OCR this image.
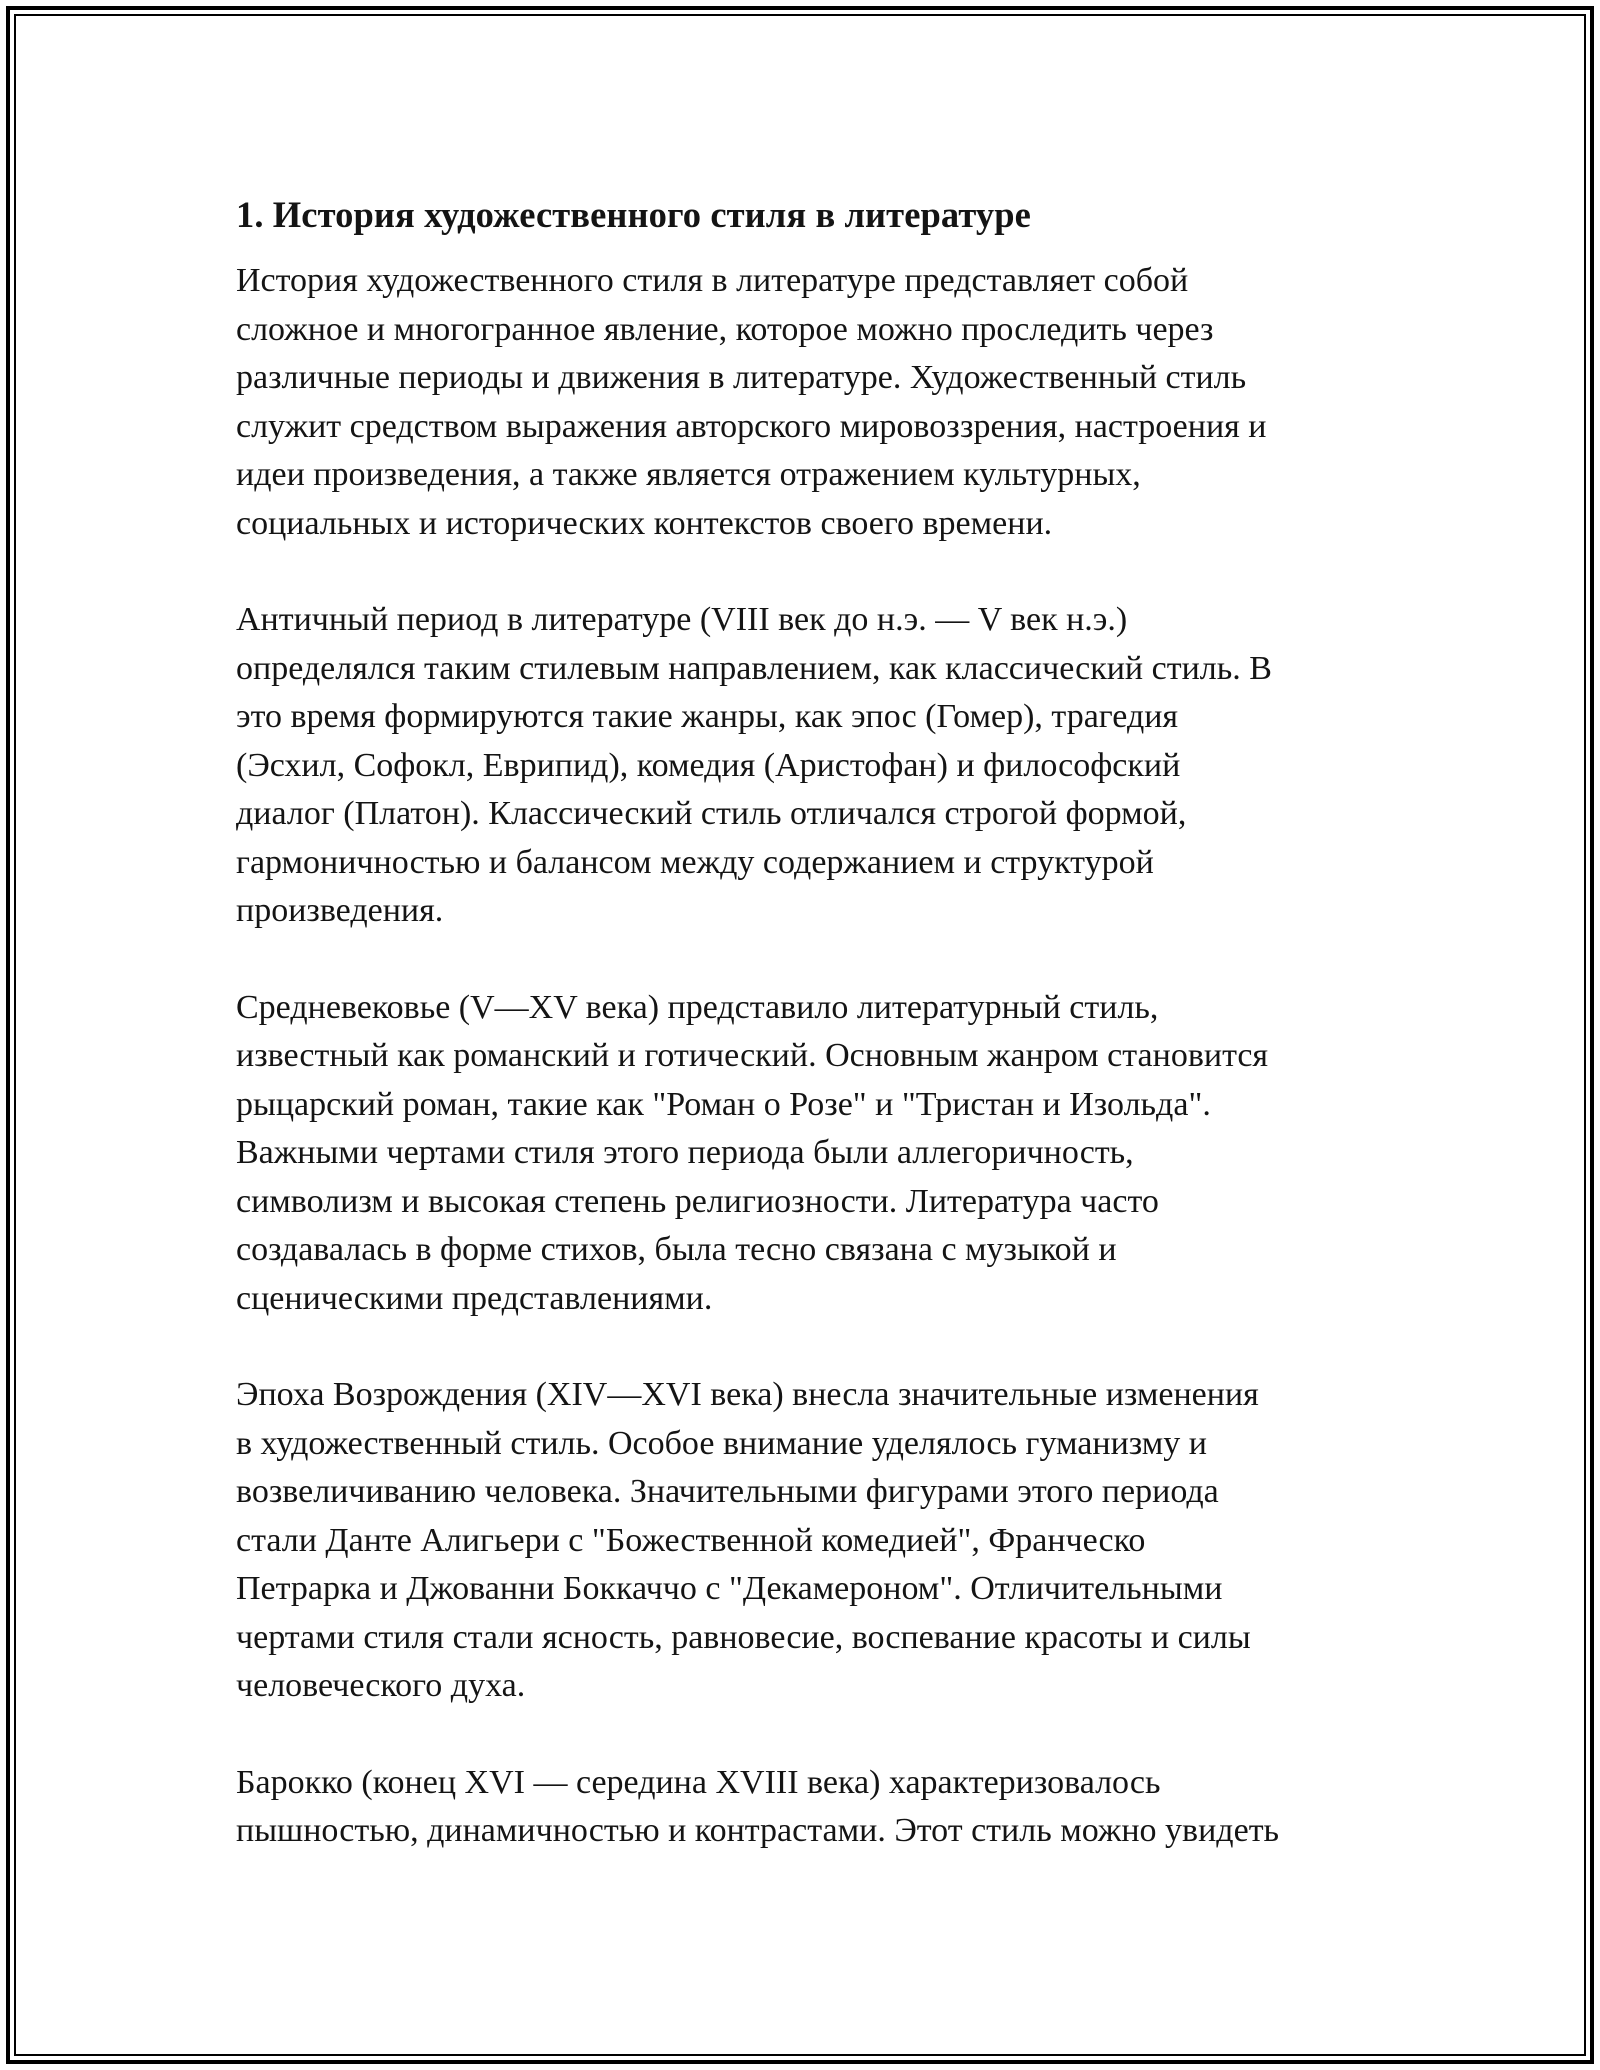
1. История художественного стиля в литературе

История художественного стиля в литературе представляет собой
сложное и многогранное явление, которое можно проследить через
различные периоды и движения в литературе. Художественный стиль
служит средством выражения авторского мировоззрения, настроения и
идеи произведения, а также является отражением культурных,
социальных и исторических контекстов своего времени.

Античный период в литературе (VIII век до н.э. — V век н.э.)
определялся таким стилевым направлением, как классический стиль. В
это время формируются такие жанры, как эпос (Гомер), трагедия
(Эсхил, Софокл, Еврипид), комедия (Аристофан) и философский
диалог (Платон). Классический стиль отличался строгой формой,
гармоничностью и балансом между содержанием и структурой
произведения.

Средневековье (V—XV века) представило литературный стиль,
известный как романский и готический. Основным жанром становится
рыцарский роман, такие как "Роман о Розе" и "Тристан и Изольда".
Важными чертами стиля этого периода были аллегоричность,
символизм и высокая степень религиозности. Литература часто
создавалась в форме стихов, была тесно связана с музыкой и
сценическими представлениями.

Эпоха Возрождения (XIV—XVI века) внесла значительные изменения
в художественный стиль. Особое внимание уделялось гуманизму и
возвеличиванию человека. Значительными фигурами этого периода
стали Данте Алигьери с "Божественной комедией", Франческо
Петрарка и Джованни Боккаччо с "Декамероном". Отличительными
чертами стиля стали ясность, равновесие, воспевание красоты и силы
человеческого духа.

Барокко (конец XVI — середина XVIII века) характеризовалось
пышностью, динамичностью и контрастами. Этот стиль можно увидеть
